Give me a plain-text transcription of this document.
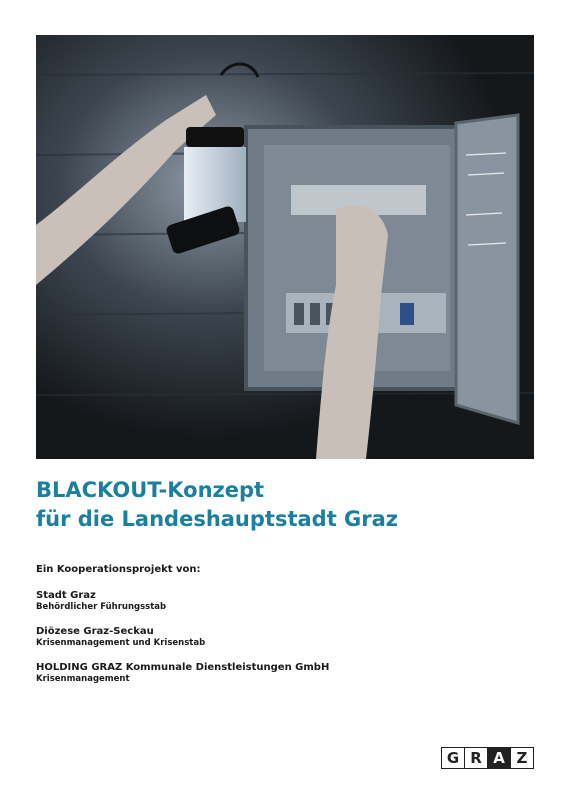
BLACKOUT-Konzept
für die Landeshauptstadt Graz
Ein Kooperationsprojekt von:
Stadt Graz
Behördlicher Führungsstab
Diözese Graz-Seckau
Krisenmanagement und Krisenstab
HOLDING GRAZ Kommunale Dienstleistungen GmbH
Krisenmanagement
G R A Z
